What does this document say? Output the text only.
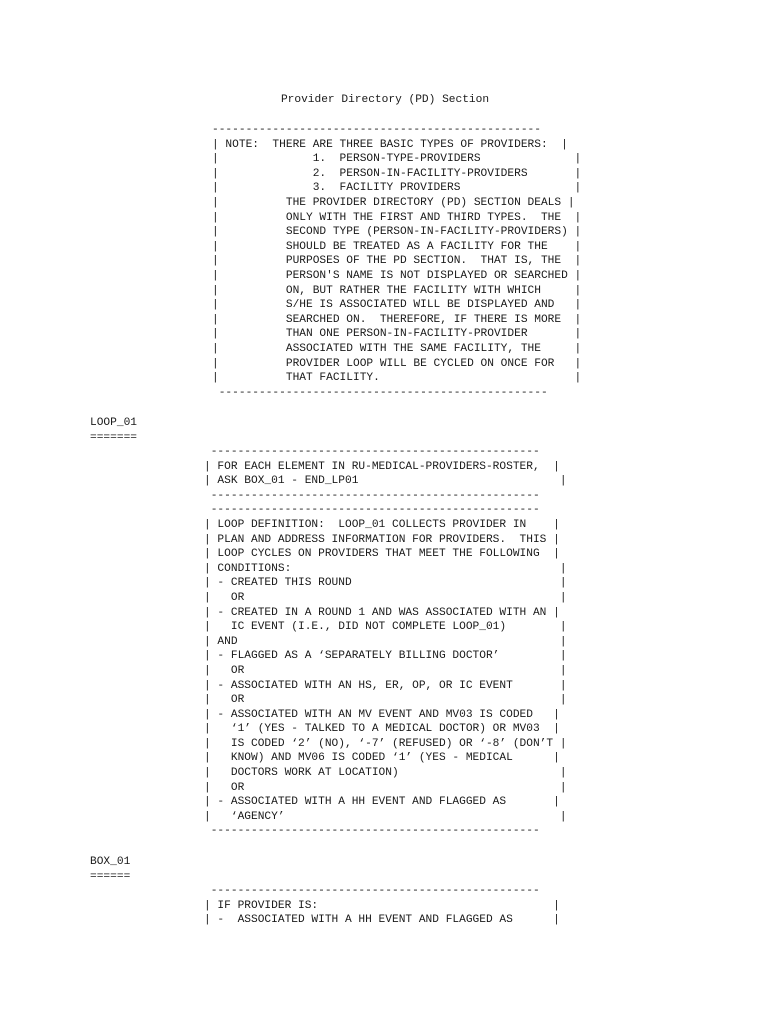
Provider Directory (PD) Section
-------------------------------------------------
| NOTE:  THERE ARE THREE BASIC TYPES OF PROVIDERS:  |
|              1.  PERSON-TYPE-PROVIDERS              |
|              2.  PERSON-IN-FACILITY-PROVIDERS       |
|              3.  FACILITY PROVIDERS                 |
|          THE PROVIDER DIRECTORY (PD) SECTION DEALS |
|          ONLY WITH THE FIRST AND THIRD TYPES.  THE  |
|          SECOND TYPE (PERSON-IN-FACILITY-PROVIDERS) |
|          SHOULD BE TREATED AS A FACILITY FOR THE    |
|          PURPOSES OF THE PD SECTION.  THAT IS, THE  |
|          PERSON'S NAME IS NOT DISPLAYED OR SEARCHED |
|          ON, BUT RATHER THE FACILITY WITH WHICH     |
|          S/HE IS ASSOCIATED WILL BE DISPLAYED AND   |
|          SEARCHED ON.  THEREFORE, IF THERE IS MORE  |
|          THAN ONE PERSON-IN-FACILITY-PROVIDER       |
|          ASSOCIATED WITH THE SAME FACILITY, THE     |
|          PROVIDER LOOP WILL BE CYCLED ON ONCE FOR   |
|          THAT FACILITY.                             |
-------------------------------------------------
LOOP_01
=======
-------------------------------------------------
| FOR EACH ELEMENT IN RU-MEDICAL-PROVIDERS-ROSTER,  |
| ASK BOX_01 - END_LP01                              |
-------------------------------------------------
-------------------------------------------------
| LOOP DEFINITION:  LOOP_01 COLLECTS PROVIDER IN    |
| PLAN AND ADDRESS INFORMATION FOR PROVIDERS.  THIS |
| LOOP CYCLES ON PROVIDERS THAT MEET THE FOLLOWING  |
| CONDITIONS:                                        |
| - CREATED THIS ROUND                               |
|   OR                                               |
| - CREATED IN A ROUND 1 AND WAS ASSOCIATED WITH AN |
|   IC EVENT (I.E., DID NOT COMPLETE LOOP_01)        |
| AND                                                |
| - FLAGGED AS A ‘SEPARATELY BILLING DOCTOR’         |
|   OR                                               |
| - ASSOCIATED WITH AN HS, ER, OP, OR IC EVENT       |
|   OR                                               |
| - ASSOCIATED WITH AN MV EVENT AND MV03 IS CODED   |
|   ‘1’ (YES - TALKED TO A MEDICAL DOCTOR) OR MV03  |
|   IS CODED ‘2’ (NO), ‘-7’ (REFUSED) OR ‘-8’ (DON’T |
|   KNOW) AND MV06 IS CODED ‘1’ (YES - MEDICAL      |
|   DOCTORS WORK AT LOCATION)                        |
|   OR                                               |
| - ASSOCIATED WITH A HH EVENT AND FLAGGED AS       |
|   ‘AGENCY’                                         |
-------------------------------------------------
BOX_01
======
-------------------------------------------------
| IF PROVIDER IS:                                   |
| -  ASSOCIATED WITH A HH EVENT AND FLAGGED AS      |
